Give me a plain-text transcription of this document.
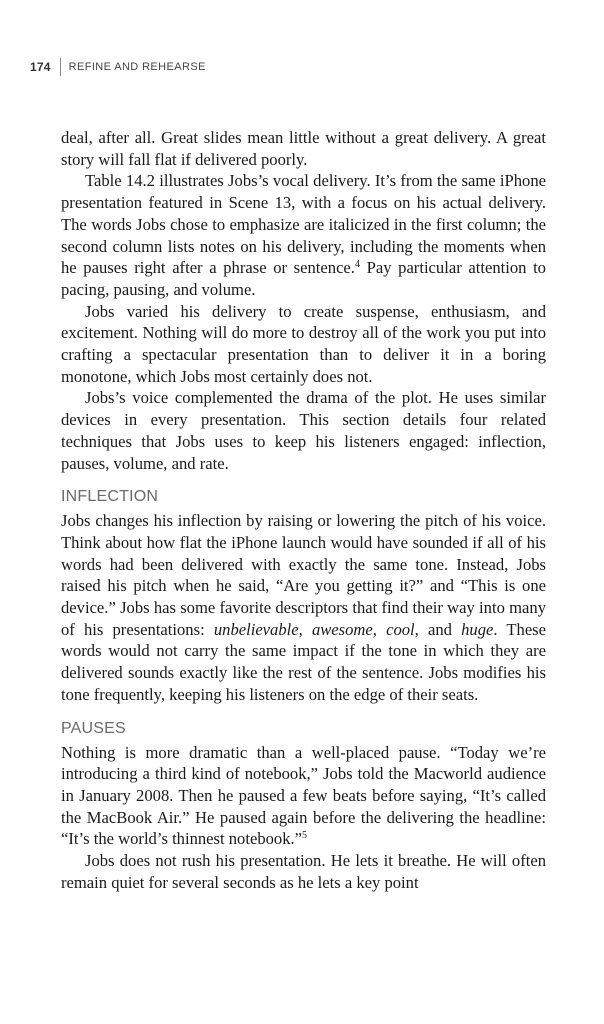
174 REFINE AND REHEARSE

deal, after all. Great slides mean little without a great delivery. A great story will fall flat if delivered poorly.

Table 14.2 illustrates Jobs’s vocal delivery. It’s from the same iPhone presentation featured in Scene 13, with a focus on his actual delivery. The words Jobs chose to emphasize are italicized in the first column; the second column lists notes on his delivery, including the moments when he pauses right after a phrase or sentence.$^4$ Pay particular attention to pacing, pausing, and volume.

Jobs varied his delivery to create suspense, enthusiasm, and excitement. Nothing will do more to destroy all of the work you put into crafting a spectacular presentation than to deliver it in a boring monotone, which Jobs most certainly does not.

Jobs’s voice complemented the drama of the plot. He uses similar devices in every presentation. This section details four related techniques that Jobs uses to keep his listeners engaged: inflection, pauses, volume, and rate.

INFLECTION

Jobs changes his inflection by raising or lowering the pitch of his voice. Think about how flat the iPhone launch would have sounded if all of his words had been delivered with exactly the same tone. Instead, Jobs raised his pitch when he said, “Are you getting it?” and “This is one device.” Jobs has some favorite descriptors that find their way into many of his presentations: unbelievable, awesome, cool, and huge. These words would not carry the same impact if the tone in which they are delivered sounds exactly like the rest of the sentence. Jobs modifies his tone frequently, keeping his listeners on the edge of their seats.

PAUSES

Nothing is more dramatic than a well-placed pause. “Today we’re introducing a third kind of notebook,” Jobs told the Macworld audience in January 2008. Then he paused a few beats before saying, “It’s called the MacBook Air.” He paused again before the delivering the headline: “It’s the world’s thinnest notebook.”$^5$

Jobs does not rush his presentation. He lets it breathe. He will often remain quiet for several seconds as he lets a key point
